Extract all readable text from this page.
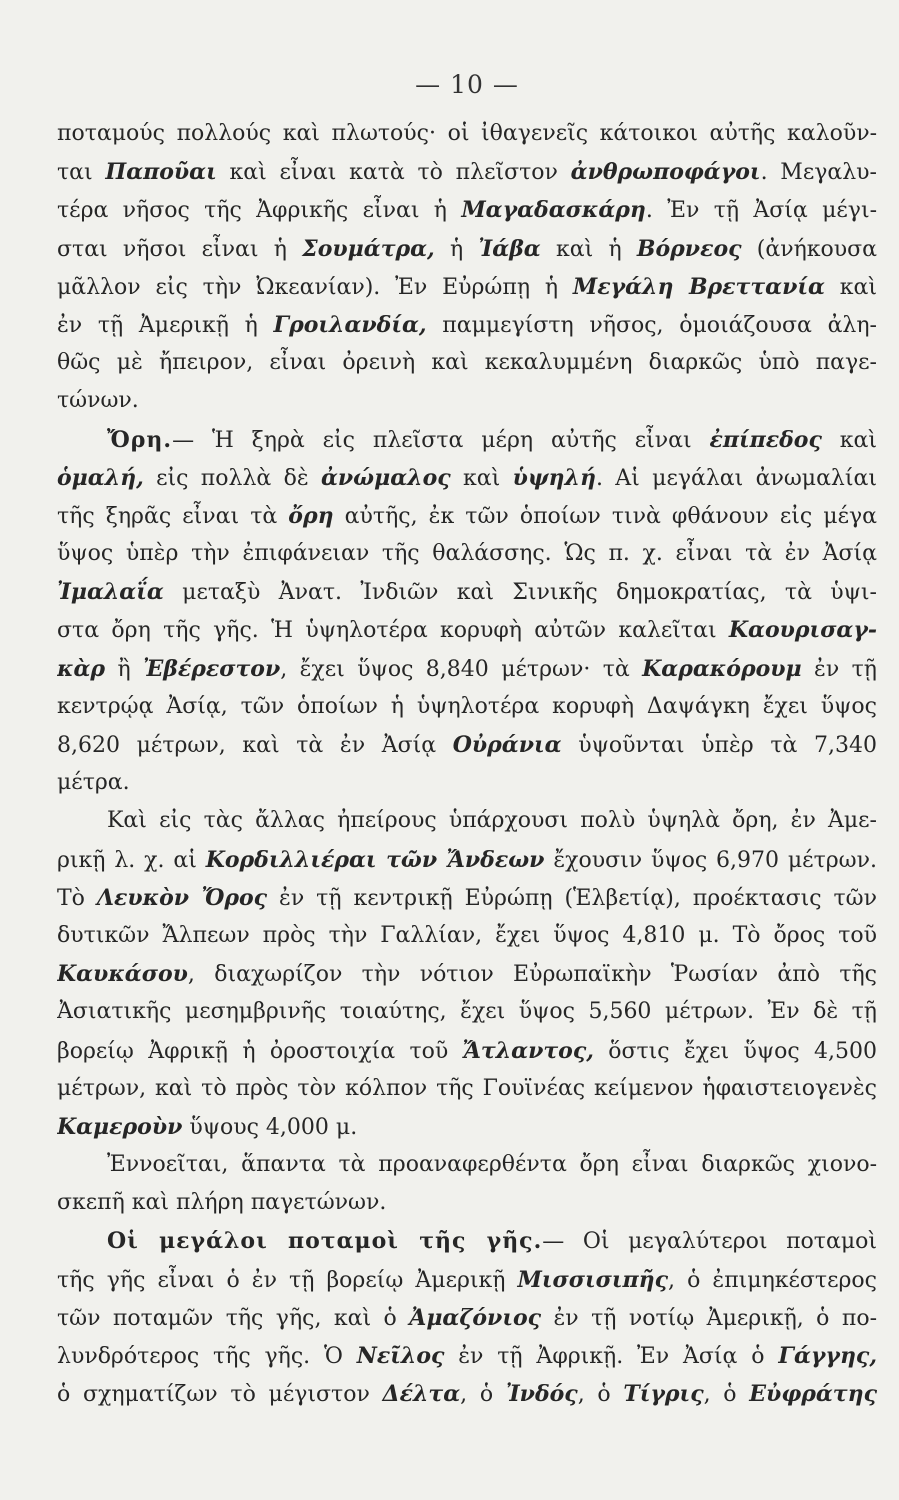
— 10 —
ποταμούς πολλούς καὶ πλωτούς· οἱ ἰθαγενεῖς κάτοικοι αὐτῆς καλοῦν-
ται Παποῦαι καὶ εἶναι κατὰ τὸ πλεῖστον ἀνθρωποφάγοι. Μεγαλυ-
τέρα νῆσος τῆς Ἀφρικῆς εἶναι ἡ Μαγαδασκάρη. Ἐν τῇ Ἀσίᾳ μέγι-
σται νῆσοι εἶναι ἡ Σουμάτρα, ἡ Ἰάβα καὶ ἡ Βόρνεος (ἀνήκουσα
μᾶλλον εἰς τὴν Ὠκεανίαν). Ἐν Εὐρώπῃ ἡ Μεγάλη Βρεττανία καὶ
ἐν τῇ Ἀμερικῇ ἡ Γροιλανδία, παμμεγίστη νῆσος, ὁμοιάζουσα ἀλη-
θῶς μὲ ἤπειρον, εἶναι ὀρεινὴ καὶ κεκαλυμμένη διαρκῶς ὑπὸ παγε-
τώνων.
Ὄρη.— Ἡ ξηρὰ εἰς πλεῖστα μέρη αὐτῆς εἶναι ἐπίπεδος καὶ
ὁμαλή, εἰς πολλὰ δὲ ἀνώμαλος καὶ ὑψηλή. Αἱ μεγάλαι ἀνωμαλίαι
τῆς ξηρᾶς εἶναι τὰ ὄρη αὐτῆς, ἐκ τῶν ὁποίων τινὰ φθάνουν εἰς μέγα
ὕψος ὑπὲρ τὴν ἐπιφάνειαν τῆς θαλάσσης. Ὡς π. χ. εἶναι τὰ ἐν Ἀσίᾳ
Ἰμαλαΐα μεταξὺ Ἀνατ. Ἰνδιῶν καὶ Σινικῆς δημοκρατίας, τὰ ὑψι-
στα ὄρη τῆς γῆς. Ἡ ὑψηλοτέρα κορυφὴ αὐτῶν καλεῖται Καουρισαγ-
κὰρ ἢ Ἐβέρεστον, ἔχει ὕψος 8,840 μέτρων· τὰ Καρακόρουμ ἐν τῇ
κεντρῴᾳ Ἀσίᾳ, τῶν ὁποίων ἡ ὑψηλοτέρα κορυφὴ Δαψάγκη ἔχει ὕψος
8,620 μέτρων, καὶ τὰ ἐν Ἀσίᾳ Οὐράνια ὑψοῦνται ὑπὲρ τὰ 7,340
μέτρα.
Καὶ εἰς τὰς ἄλλας ἠπείρους ὑπάρχουσι πολὺ ὑψηλὰ ὄρη, ἐν Ἀμε-
ρικῇ λ. χ. αἱ Κορδιλλιέραι τῶν Ἄνδεων ἔχουσιν ὕψος 6,970 μέτρων.
Τὸ Λευκὸν Ὄρος ἐν τῇ κεντρικῇ Εὐρώπῃ (Ἑλβετίᾳ), προέκτασις τῶν
δυτικῶν Ἄλπεων πρὸς τὴν Γαλλίαν, ἔχει ὕψος 4,810 μ. Τὸ ὄρος τοῦ
Καυκάσου, διαχωρίζον τὴν νότιον Εὐρωπαϊκὴν Ῥωσίαν ἀπὸ τῆς
Ἀσιατικῆς μεσημβρινῆς τοιαύτης, ἔχει ὕψος 5,560 μέτρων. Ἐν δὲ τῇ
βορείῳ Ἀφρικῇ ἡ ὀροστοιχία τοῦ Ἄτλαντος, ὅστις ἔχει ὕψος 4,500
μέτρων, καὶ τὸ πρὸς τὸν κόλπον τῆς Γουϊνέας κείμενον ἡφαιστειογενὲς
Καμεροὺν ὕψους 4,000 μ.
Ἐννοεῖται, ἅπαντα τὰ προαναφερθέντα ὄρη εἶναι διαρκῶς χιονο-
σκεπῆ καὶ πλήρη παγετώνων.
Οἱ μεγάλοι ποταμοὶ τῆς γῆς.— Οἱ μεγαλύτεροι ποταμοὶ
τῆς γῆς εἶναι ὁ ἐν τῇ βορείῳ Ἀμερικῇ Μισσισιπῆς, ὁ ἐπιμηκέστερος
τῶν ποταμῶν τῆς γῆς, καὶ ὁ Ἀμαζόνιος ἐν τῇ νοτίῳ Ἀμερικῇ, ὁ πο-
λυνδρότερος τῆς γῆς. Ὁ Νεῖλος ἐν τῇ Ἀφρικῇ. Ἐν Ἀσίᾳ ὁ Γάγγης,
ὁ σχηματίζων τὸ μέγιστον Δέλτα, ὁ Ἰνδός, ὁ Τίγρις, ὁ Εὐφράτης
